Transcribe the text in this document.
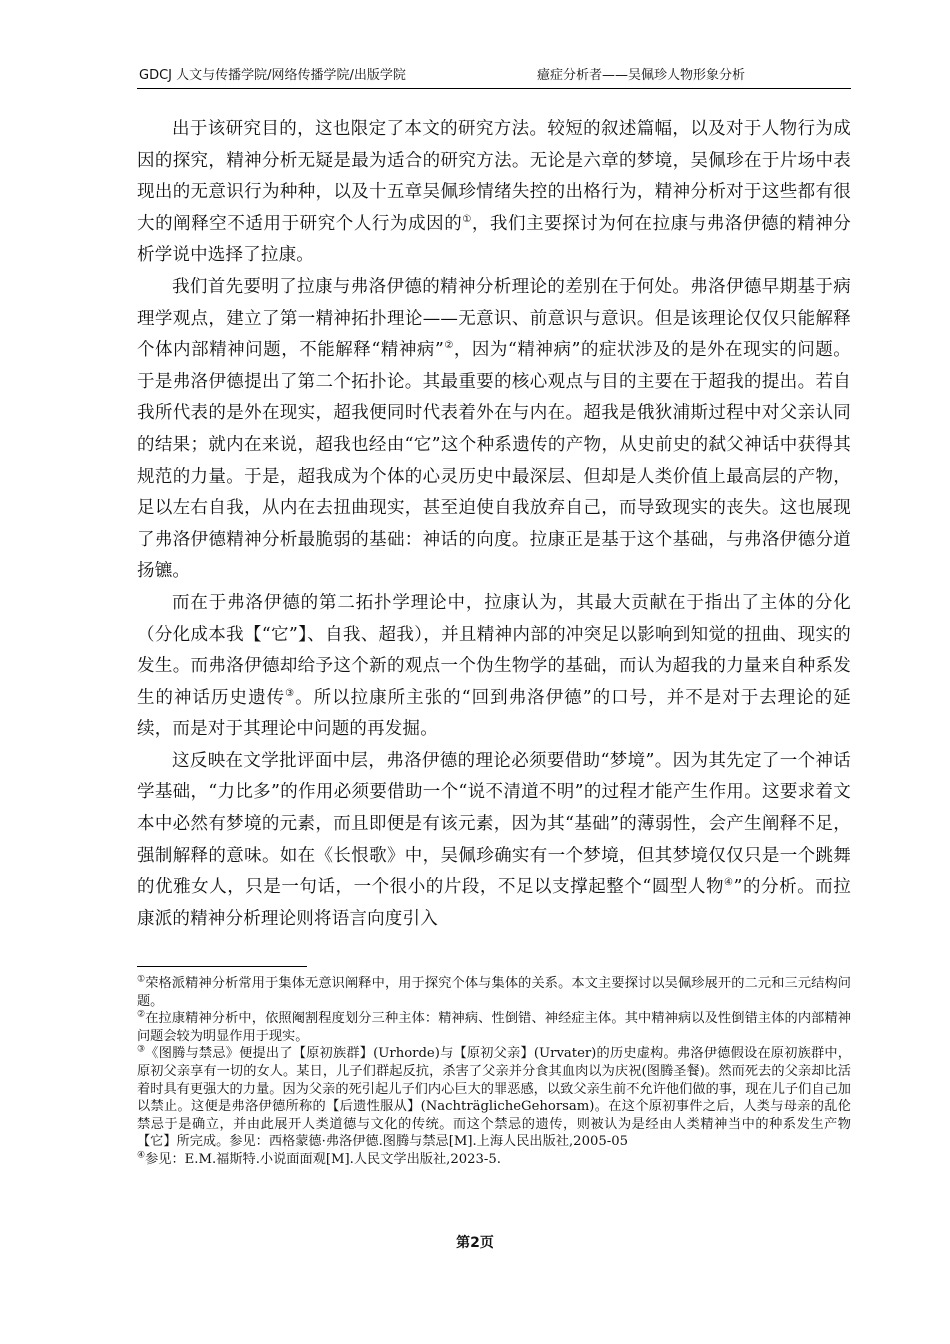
GDCJ 人文与传播学院/网络传播学院/出版学院	癔症分析者——吴佩珍人物形象分析

出于该研究目的，这也限定了本文的研究方法。较短的叙述篇幅，以及对于人物行为成因的探究，精神分析无疑是最为适合的研究方法。无论是六章的梦境，吴佩珍在于片场中表现出的无意识行为种种，以及十五章吴佩珍情绪失控的出格行为，精神分析对于这些都有很大的阐释空不适用于研究个人行为成因的①，我们主要探讨为何在拉康与弗洛伊德的精神分析学说中选择了拉康。

我们首先要明了拉康与弗洛伊德的精神分析理论的差别在于何处。弗洛伊德早期基于病理学观点，建立了第一精神拓扑理论——无意识、前意识与意识。但是该理论仅仅只能解释个体内部精神问题，不能解释“精神病”②，因为“精神病”的症状涉及的是外在现实的问题。于是弗洛伊德提出了第二个拓扑论。其最重要的核心观点与目的主要在于超我的提出。若自我所代表的是外在现实，超我便同时代表着外在与内在。超我是俄狄浦斯过程中对父亲认同的结果；就内在来说，超我也经由“它”这个种系遗传的产物，从史前史的弑父神话中获得其规范的力量。于是，超我成为个体的心灵历史中最深层、但却是人类价值上最高层的产物，足以左右自我，从内在去扭曲现实，甚至迫使自我放弃自己，而导致现实的丧失。这也展现了弗洛伊德精神分析最脆弱的基础：神话的向度。拉康正是基于这个基础，与弗洛伊德分道扬镳。

而在于弗洛伊德的第二拓扑学理论中，拉康认为，其最大贡献在于指出了主体的分化（分化成本我【“它”】、自我、超我），并且精神内部的冲突足以影响到知觉的扭曲、现实的发生。而弗洛伊德却给予这个新的观点一个伪生物学的基础，而认为超我的力量来自种系发生的神话历史遗传③。所以拉康所主张的“回到弗洛伊德”的口号，并不是对于去理论的延续，而是对于其理论中问题的再发掘。

这反映在文学批评面中层，弗洛伊德的理论必须要借助“梦境”。因为其先定了一个神话学基础，“力比多”的作用必须要借助一个“说不清道不明”的过程才能产生作用。这要求着文本中必然有梦境的元素，而且即便是有该元素，因为其“基础”的薄弱性，会产生阐释不足，强制解释的意味。如在《长恨歌》中，吴佩珍确实有一个梦境，但其梦境仅仅只是一个跳舞的优雅女人，只是一句话，一个很小的片段，不足以支撑起整个“圆型人物④”的分析。而拉康派的精神分析理论则将语言向度引入

①荣格派精神分析常用于集体无意识阐释中，用于探究个体与集体的关系。本文主要探讨以吴佩珍展开的二元和三元结构问题。

②在拉康精神分析中，依照阉割程度划分三种主体：精神病、性倒错、神经症主体。其中精神病以及性倒错主体的内部精神问题会较为明显作用于现实。

③《图腾与禁忌》便提出了【原初族群】(Urhorde)与【原初父亲】(Urvater)的历史虚构。弗洛伊德假设在原初族群中，原初父亲享有一切的女人。某日，儿子们群起反抗，杀害了父亲并分食其血肉以为庆祝(图腾圣餐)。然而死去的父亲却比活着时具有更强大的力量。因为父亲的死引起儿子们内心巨大的罪恶感，以致父亲生前不允许他们做的事，现在儿子们自己加以禁止。这便是弗洛伊德所称的【后遗性服从】(NachträglicheGehorsam)。在这个原初事件之后，人类与母亲的乱伦禁忌于是确立，并由此展开人类道德与文化的传统。而这个禁忌的遗传，则被认为是经由人类精神当中的种系发生产物【它】所完成。参见：西格蒙德·弗洛伊德.图腾与禁忌[M].上海人民出版社,2005-05

④参见：E.M.福斯特.小说面面观[M].人民文学出版社,2023-5.

第2页
